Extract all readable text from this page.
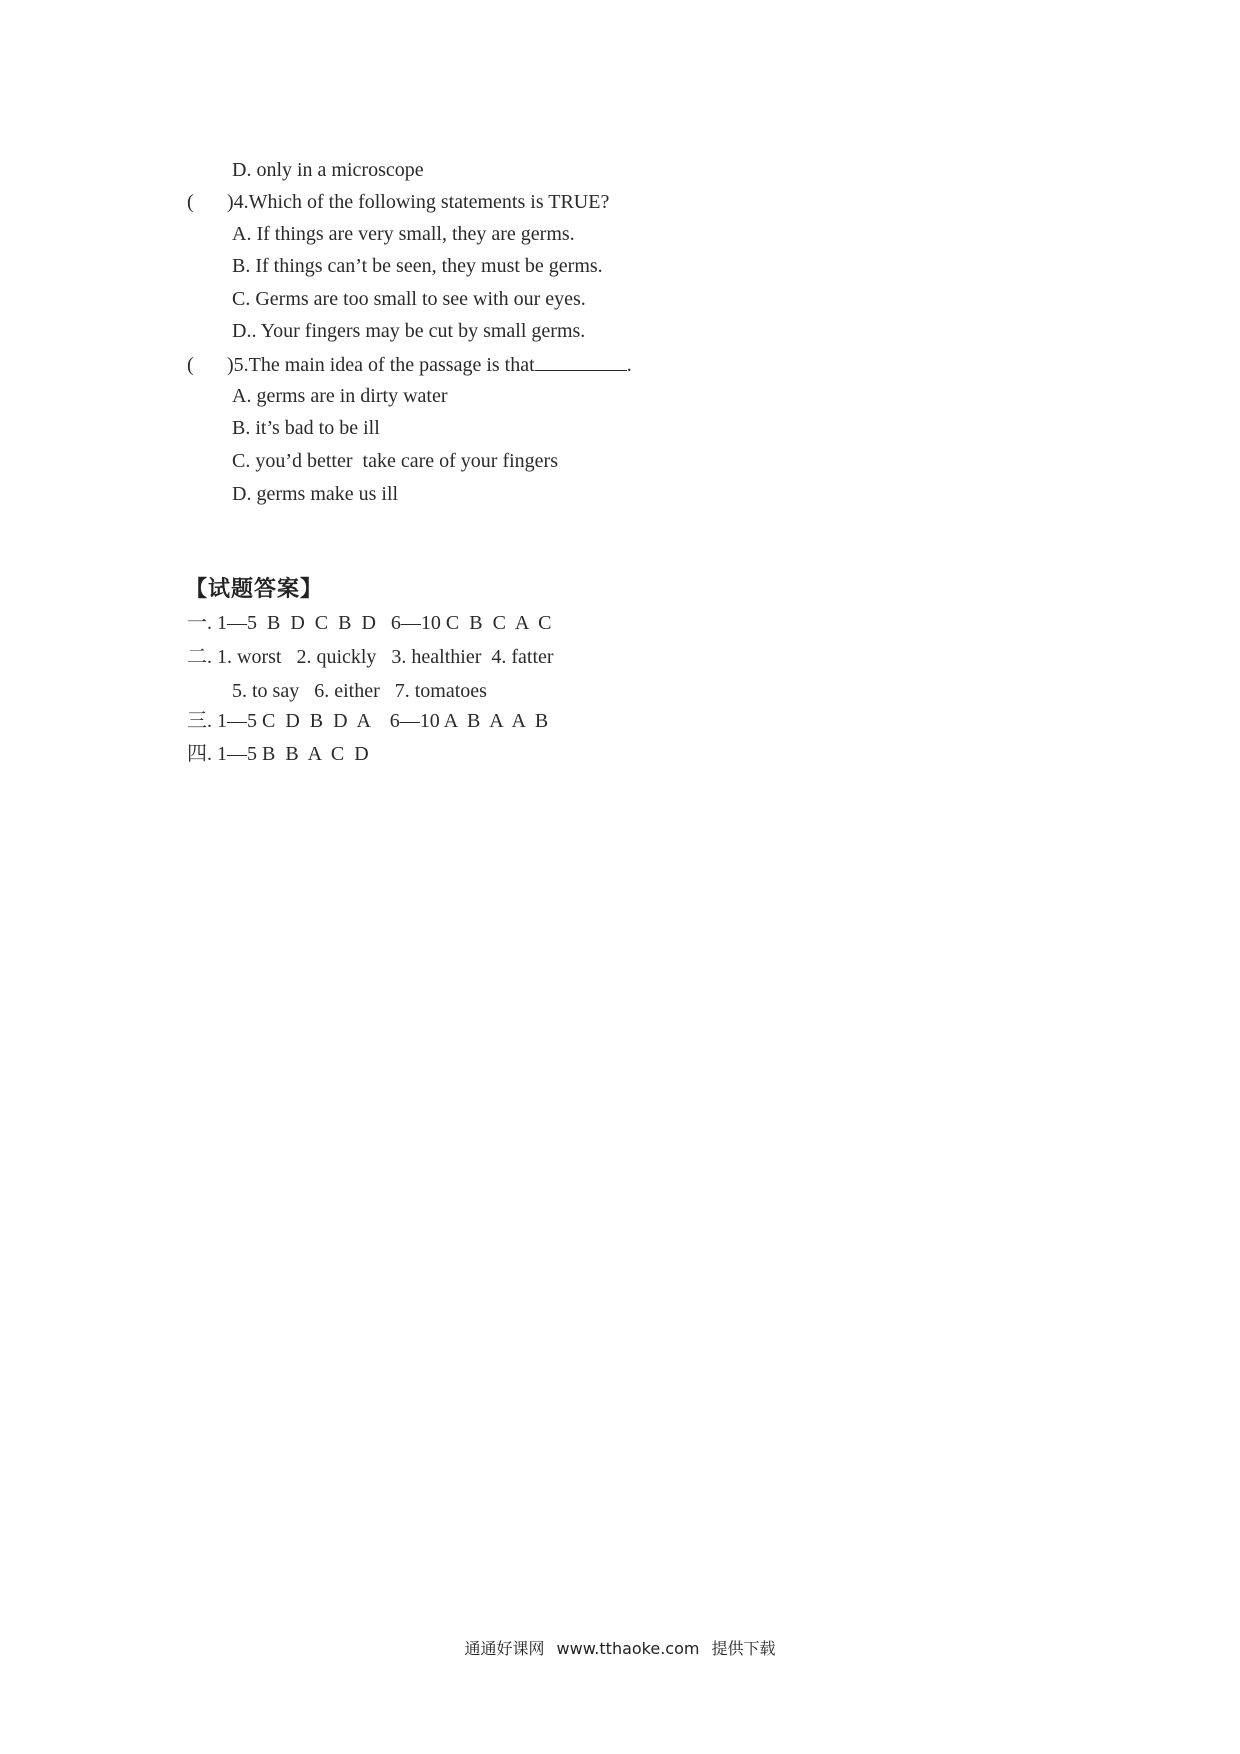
D. only in a microscope
( )4.Which of the following statements is TRUE?
A. If things are very small, they are germs.
B. If things can’t be seen, they must be germs.
C. Germs are too small to see with our eyes.
D.. Your fingers may be cut by small germs.
( )5.The main idea of the passage is that	.
A. germs are in dirty water
B. it’s bad to be ill
C. you’d better  take care of your fingers
D. germs make us ill
【试题答案】
一. 1—5  B  D  C  B  D   6—10 C  B  C  A  C
二. 1. worst   2. quickly   3. healthier  4. fatter
5. to say   6. either   7. tomatoes
三. 1—5 C  D  B  D  A    6—10 A  B  A  A  B
四. 1—5 B  B  A  C  D
通通好课网 www.tthaoke.com 提供下载
